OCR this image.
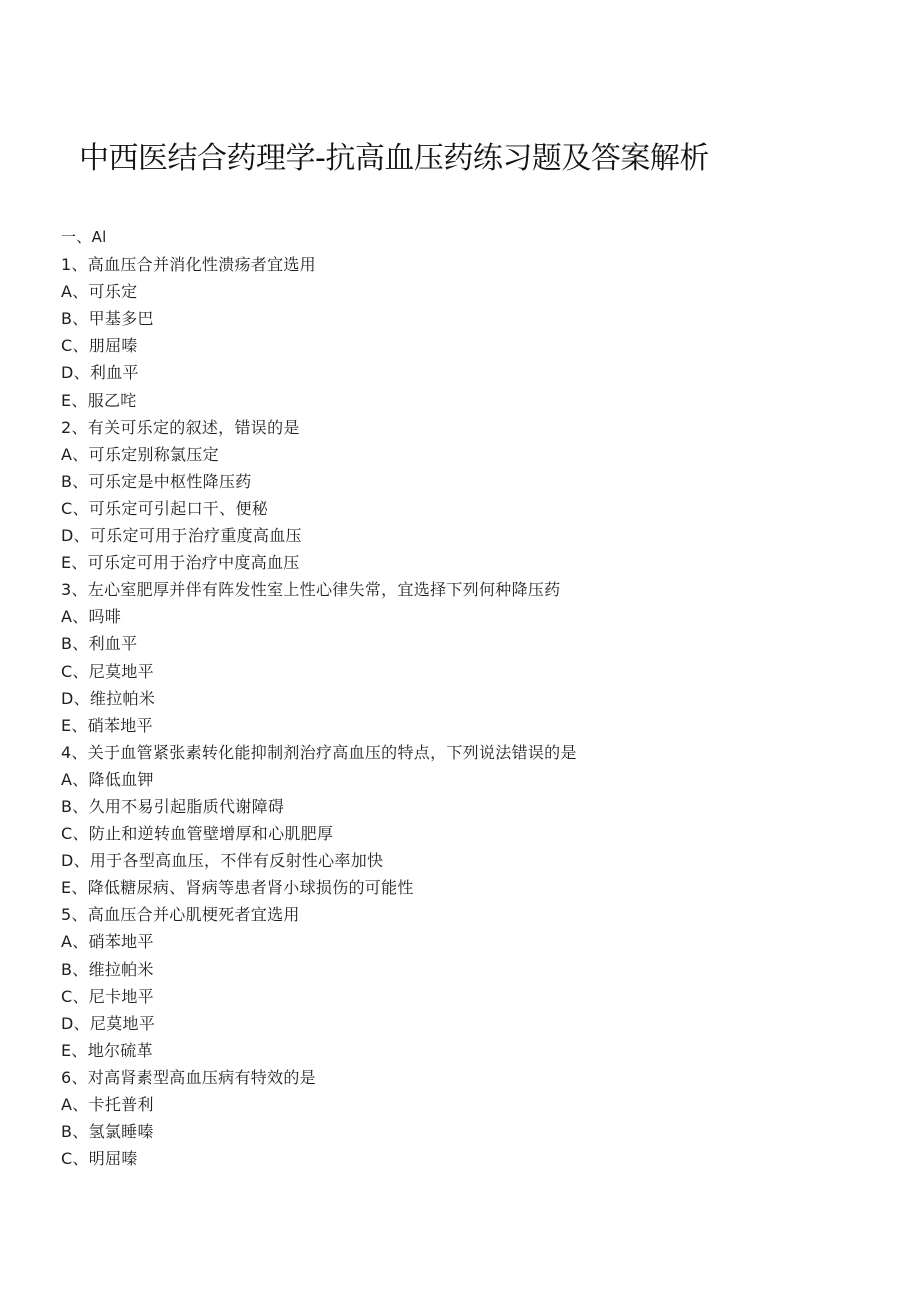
中西医结合药理学-抗高血压药练习题及答案解析
一、Al
1、高血压合并消化性溃疡者宜选用
A、可乐定
B、甲基多巴
C、朋屈嗪
D、利血平
E、服乙咤
2、有关可乐定的叙述，错误的是
A、可乐定别称氯压定
B、可乐定是中枢性降压药
C、可乐定可引起口干、便秘
D、可乐定可用于治疗重度高血压
E、可乐定可用于治疗中度高血压
3、左心室肥厚并伴有阵发性室上性心律失常，宜选择下列何种降压药
A、吗啡
B、利血平
C、尼莫地平
D、维拉帕米
E、硝苯地平
4、关于血管紧张素转化能抑制剂治疗高血压的特点，下列说法错误的是
A、降低血钾
B、久用不易引起脂质代谢障碍
C、防止和逆转血管壁增厚和心肌肥厚
D、用于各型高血压，不伴有反射性心率加快
E、降低糖尿病、肾病等患者肾小球损伤的可能性
5、高血压合并心肌梗死者宜选用
A、硝苯地平
B、维拉帕米
C、尼卡地平
D、尼莫地平
E、地尔硫革
6、对高肾素型高血压病有特效的是
A、卡托普利
B、氢氯睡嗪
C、明屈嗪
